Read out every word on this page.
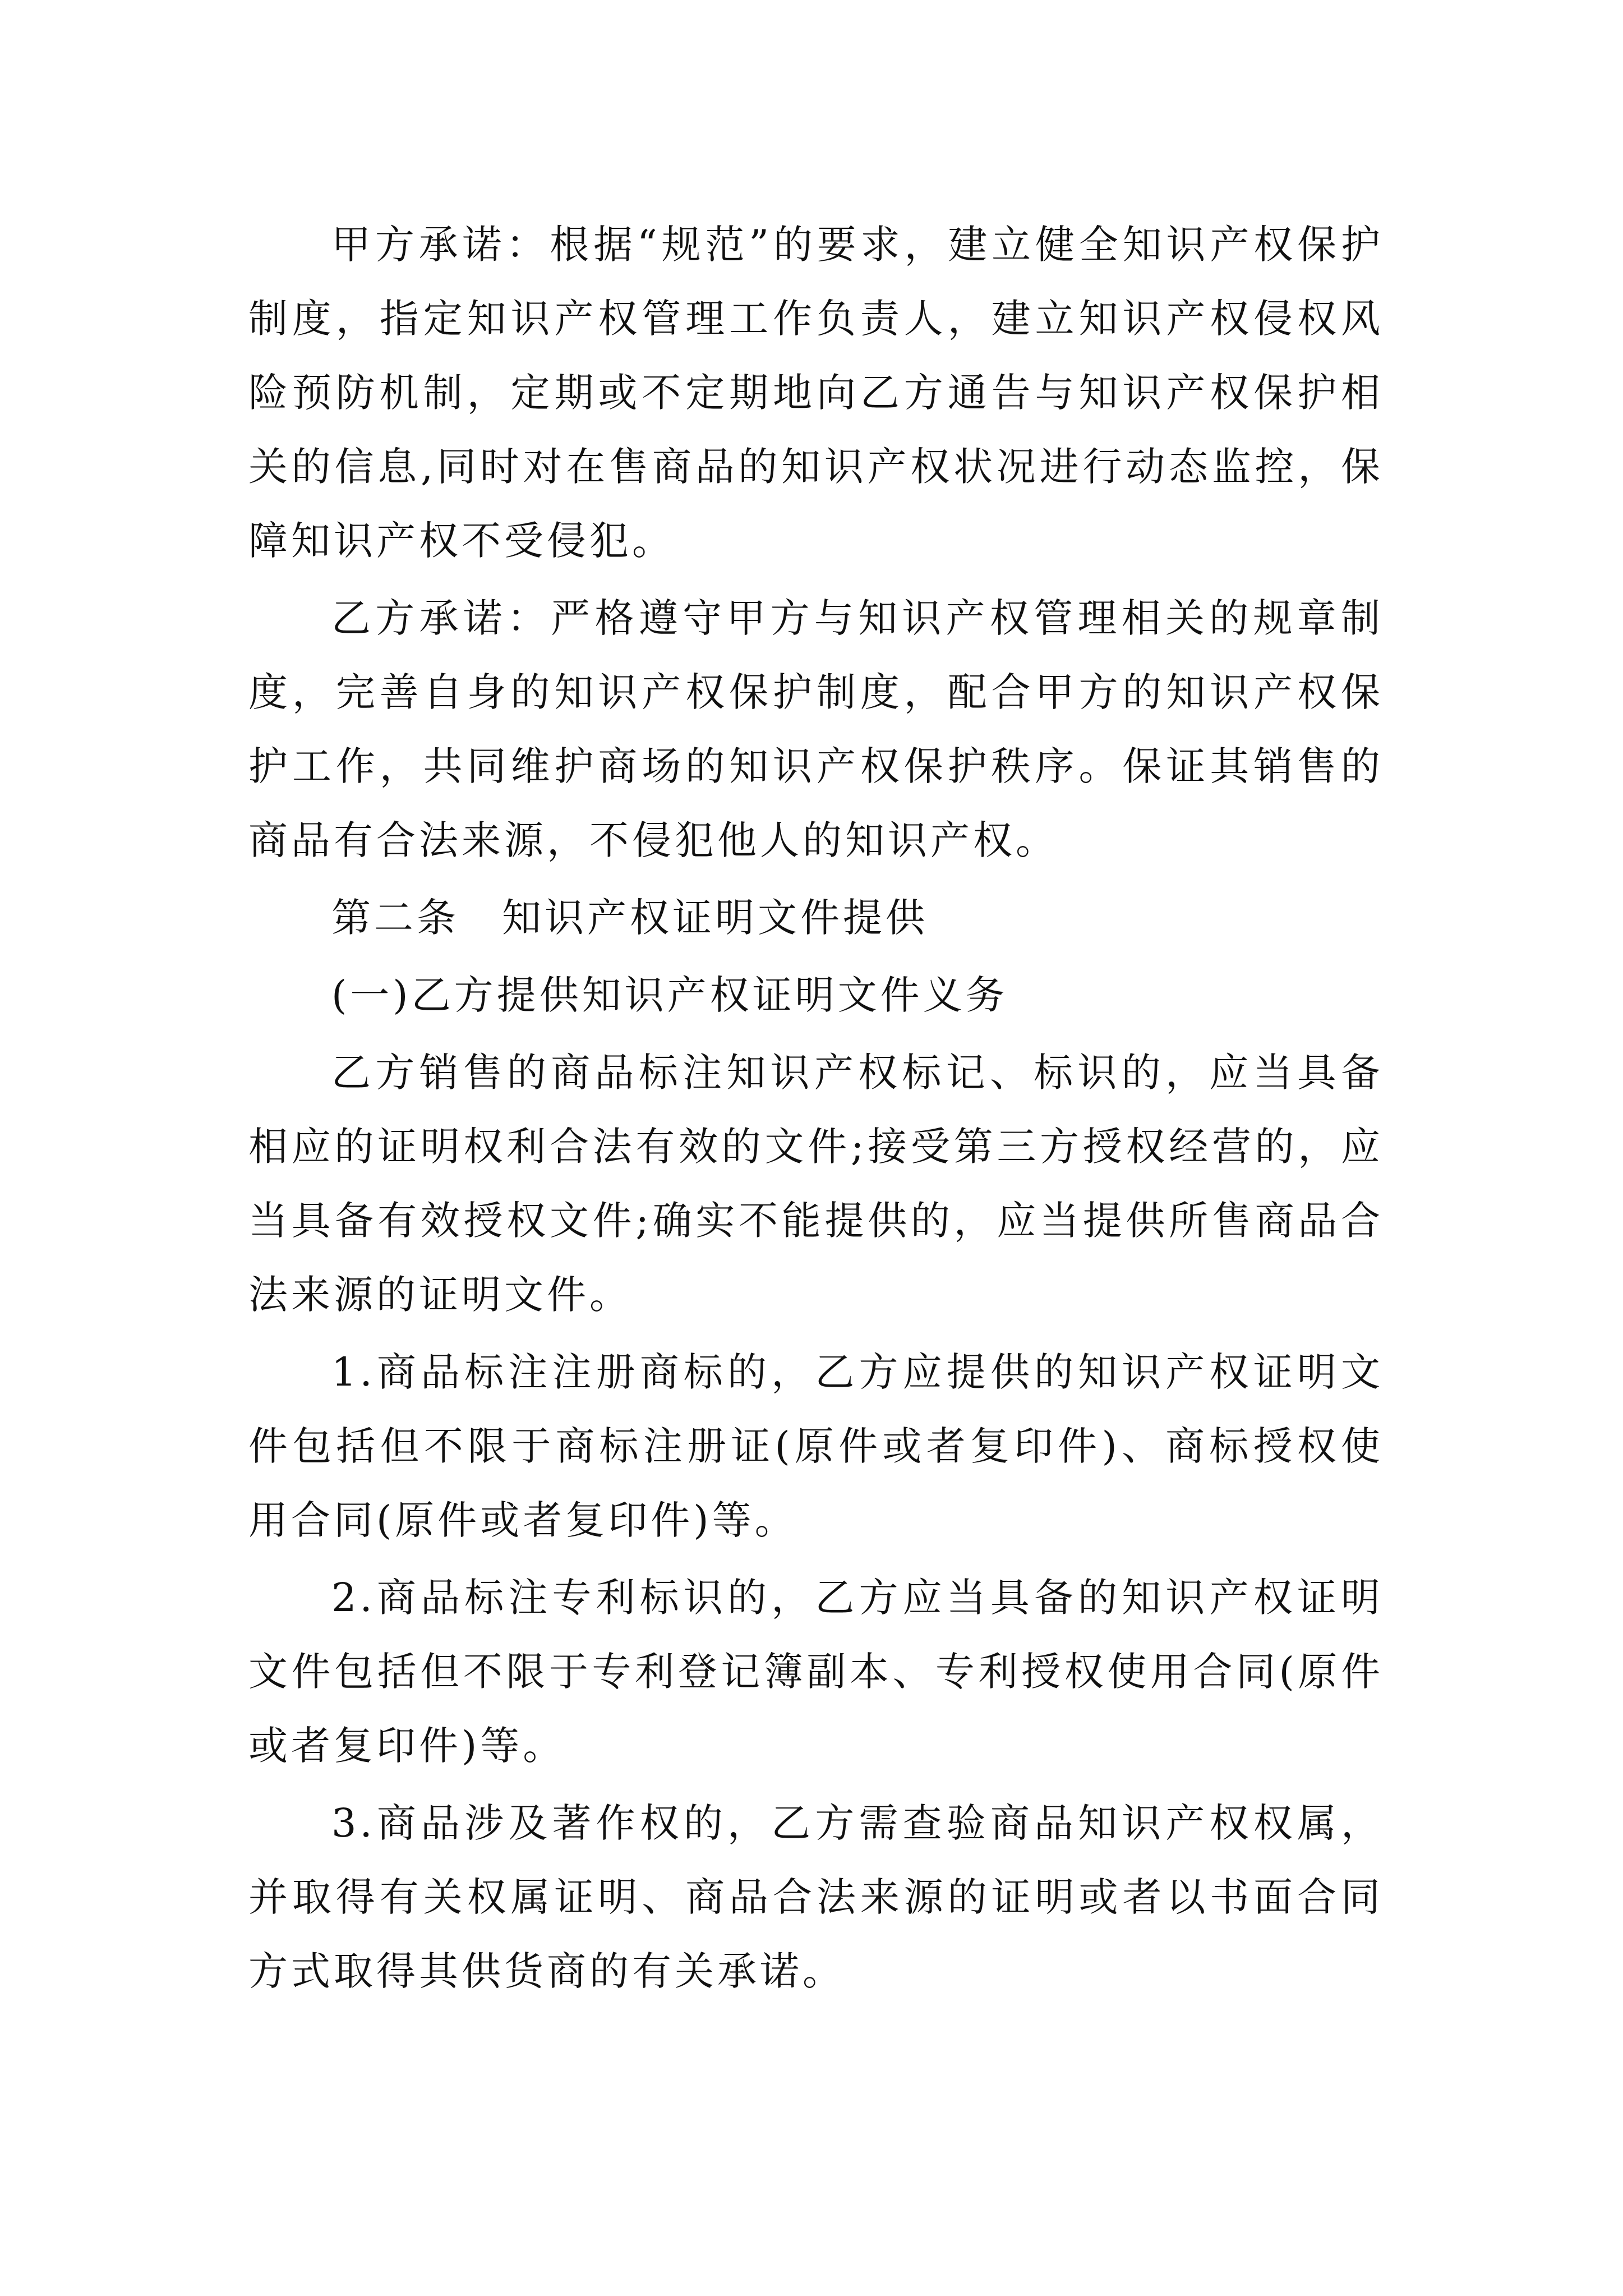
甲方承诺：根据“规范”的要求，建立健全知识产权保护制度，指定知识产权管理工作负责人，建立知识产权侵权风险预防机制，定期或不定期地向乙方通告与知识产权保护相关的信息,同时对在售商品的知识产权状况进行动态监控，保障知识产权不受侵犯。

乙方承诺：严格遵守甲方与知识产权管理相关的规章制度，完善自身的知识产权保护制度，配合甲方的知识产权保护工作，共同维护商场的知识产权保护秩序。保证其销售的商品有合法来源，不侵犯他人的知识产权。

第二条　知识产权证明文件提供

(一)乙方提供知识产权证明文件义务

乙方销售的商品标注知识产权标记、标识的，应当具备相应的证明权利合法有效的文件;接受第三方授权经营的，应当具备有效授权文件;确实不能提供的，应当提供所售商品合法来源的证明文件。

1.商品标注注册商标的，乙方应提供的知识产权证明文件包括但不限于商标注册证(原件或者复印件)、商标授权使用合同(原件或者复印件)等。

2.商品标注专利标识的，乙方应当具备的知识产权证明文件包括但不限于专利登记簿副本、专利授权使用合同(原件或者复印件)等。

3.商品涉及著作权的，乙方需查验商品知识产权权属，并取得有关权属证明、商品合法来源的证明或者以书面合同方式取得其供货商的有关承诺。
